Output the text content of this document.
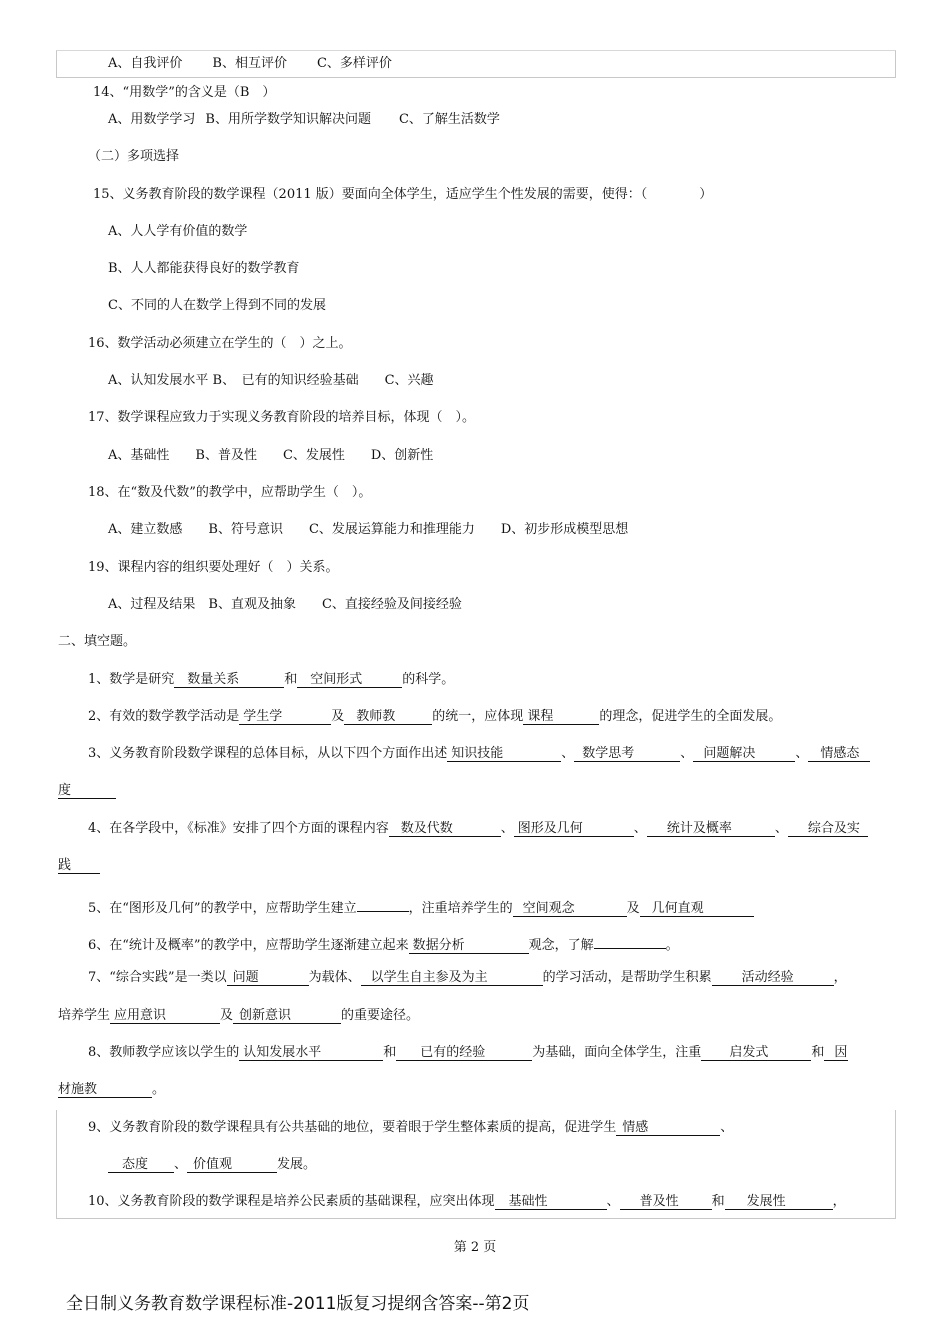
A、自我评价 B、相互评价 C、多样评价
14、“用数学”的含义是（B　）
A、用数学学习 B、用所学数学知识解决问题 C、了解生活数学
（二）多项选择
15、义务教育阶段的数学课程（2011 版）要面向全体学生，适应学生个性发展的需要，使得：（　　　　）
A、人人学有价值的数学
B、人人都能获得良好的数学教育
C、不同的人在数学上得到不同的发展
16、数学活动必须建立在学生的（　）之上。
A、认知发展水平 B、　已有的知识经验基础　　C、兴趣
17、数学课程应致力于实现义务教育阶段的培养目标，体现（　）。
A、基础性　　B、普及性　　C、发展性　　D、创新性
18、在“数及代数”的教学中，应帮助学生（　）。
A、建立数感　　B、符号意识　　C、发展运算能力和推理能力　　D、初步形成模型思想
19、课程内容的组织要处理好（　）关系。
A、过程及结果　B、直观及抽象　　C、直接经验及间接经验
二、填空题。
1、数学是研究　数量关系　和　空间形式　的科学。
2、有效的数学教学活动是 学生学	及 教师教	的统一，应体现 课程	的理念，促进学生的全面发展。
3、义务教育阶段数学课程的总体目标，从以下四个方面作出述 知识技能	、 数学思考	、 问题解决	、 情感态
度
4、在各学段中，《标准》安排了四个方面的课程内容 数及代数	、 图形及几何	、 统计及概率	、 综合及实
践
5、在“图形及几何”的教学中，应帮助学生建立	，注重培养学生的 空间观念	及 几何直观
6、在“统计及概率”的教学中，应帮助学生逐渐建立起来 数据分析	观念，了解	。
7、“综合实践”是一类以 问题	为载体、 以学生自主参及为主	的学习活动，是帮助学生积累 活动经验	，
培养学生 应用意识	及 创新意识	的重要途径。
8、教师教学应该以学生的 认知发展水平	和 已有的经验	为基础，面向全体学生，注重 启发式	和 因
材施教	。
9、义务教育阶段的数学课程具有公共基础的地位，要着眼于学生整体素质的提高，促进学生 情感	、
态度 、 价值观	发展。
10、义务教育阶段的数学课程是培养公民素质的基础课程，应突出体现 基础性	、 普及性	和 发展性	，
第 2 页
全日制义务教育数学课程标准-2011版复习提纲含答案--第2页
